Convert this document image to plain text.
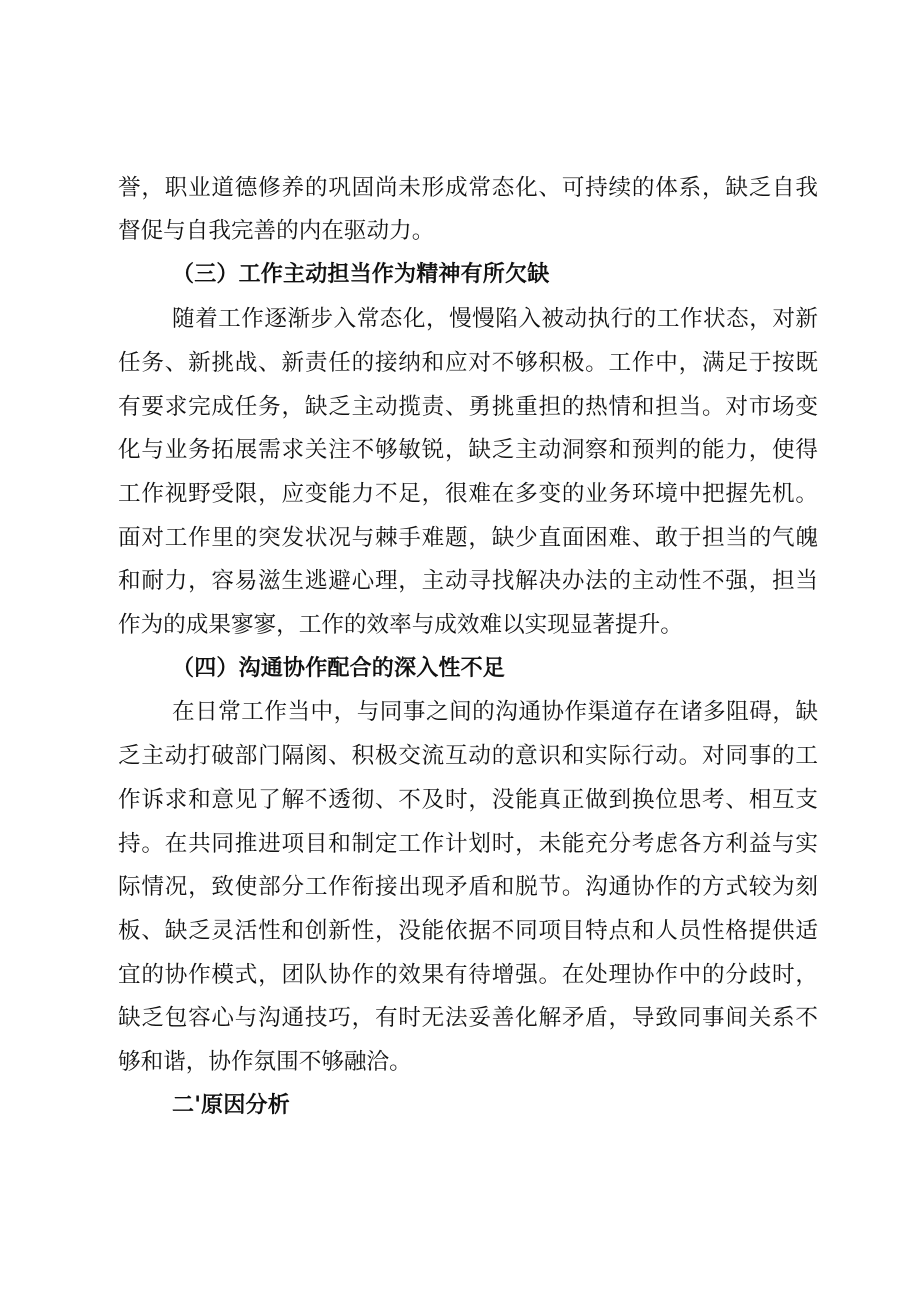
誉，职业道德修养的巩固尚未形成常态化、可持续的体系，缺乏自我
督促与自我完善的内在驱动力。
（三）工作主动担当作为精神有所欠缺
随着工作逐渐步入常态化，慢慢陷入被动执行的工作状态，对新
任务、新挑战、新责任的接纳和应对不够积极。工作中，满足于按既
有要求完成任务，缺乏主动揽责、勇挑重担的热情和担当。对市场变
化与业务拓展需求关注不够敏锐，缺乏主动洞察和预判的能力，使得
工作视野受限，应变能力不足，很难在多变的业务环境中把握先机。
面对工作里的突发状况与棘手难题，缺少直面困难、敢于担当的气魄
和耐力，容易滋生逃避心理，主动寻找解决办法的主动性不强，担当
作为的成果寥寥，工作的效率与成效难以实现显著提升。
（四）沟通协作配合的深入性不足
在日常工作当中，与同事之间的沟通协作渠道存在诸多阻碍，缺
乏主动打破部门隔阂、积极交流互动的意识和实际行动。对同事的工
作诉求和意见了解不透彻、不及时，没能真正做到换位思考、相互支
持。在共同推进项目和制定工作计划时，未能充分考虑各方利益与实
际情况，致使部分工作衔接出现矛盾和脱节。沟通协作的方式较为刻
板、缺乏灵活性和创新性，没能依据不同项目特点和人员性格提供适
宜的协作模式，团队协作的效果有待增强。在处理协作中的分歧时，
缺乏包容心与沟通技巧，有时无法妥善化解矛盾，导致同事间关系不
够和谐，协作氛围不够融洽。
二'原因分析
